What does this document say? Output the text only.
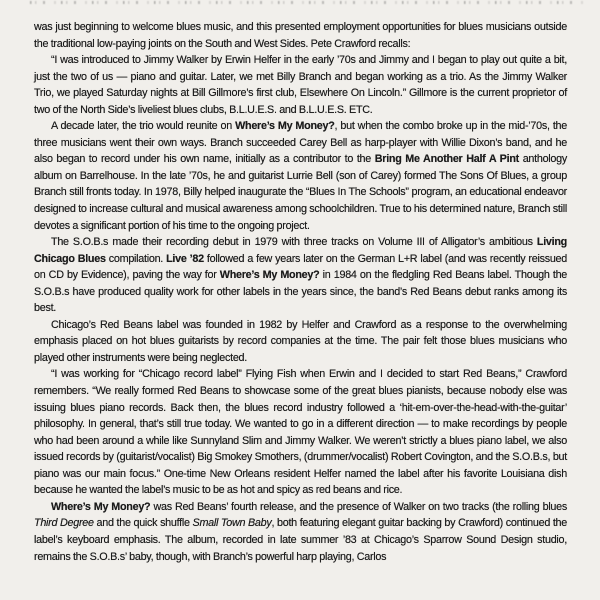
was just beginning to welcome blues music, and this presented employment opportunities for blues musicians outside the traditional low-paying joints on the South and West Sides. Pete Crawford recalls:

“I was introduced to Jimmy Walker by Erwin Helfer in the early ’70s and Jimmy and I began to play out quite a bit, just the two of us — piano and guitar. Later, we met Billy Branch and began working as a trio. As the Jimmy Walker Trio, we played Saturday nights at Bill Gillmore’s first club, Elsewhere On Lincoln.” Gillmore is the current proprietor of two of the North Side’s liveliest blues clubs, B.L.U.E.S. and B.L.U.E.S. ETC.

A decade later, the trio would reunite on Where’s My Money?, but when the combo broke up in the mid-’70s, the three musicians went their own ways. Branch succeeded Carey Bell as harp-player with Willie Dixon’s band, and he also began to record under his own name, initially as a contributor to the Bring Me Another Half A Pint anthology album on Barrelhouse. In the late ’70s, he and guitarist Lurrie Bell (son of Carey) formed The Sons Of Blues, a group Branch still fronts today. In 1978, Billy helped inaugurate the “Blues In The Schools” program, an educational endeavor designed to increase cultural and musical awareness among schoolchildren. True to his determined nature, Branch still devotes a significant portion of his time to the ongoing project.

The S.O.B.s made their recording debut in 1979 with three tracks on Volume III of Alligator’s ambitious Living Chicago Blues compilation. Live ’82 followed a few years later on the German L+R label (and was recently reissued on CD by Evidence), paving the way for Where’s My Money? in 1984 on the fledgling Red Beans label. Though the S.O.B.s have produced quality work for other labels in the years since, the band’s Red Beans debut ranks among its best.

Chicago’s Red Beans label was founded in 1982 by Helfer and Crawford as a response to the overwhelming emphasis placed on hot blues guitarists by record companies at the time. The pair felt those blues musicians who played other instruments were being neglected.

“I was working for “Chicago record label” Flying Fish when Erwin and I decided to start Red Beans,” Crawford remembers. “We really formed Red Beans to showcase some of the great blues pianists, because nobody else was issuing blues piano records. Back then, the blues record industry followed a ‘hit-em-over-the-head-with-the-guitar’ philosophy. In general, that’s still true today. We wanted to go in a different direction — to make recordings by people who had been around a while like Sunnyland Slim and Jimmy Walker. We weren’t strictly a blues piano label, we also issued records by (guitarist/vocalist) Big Smokey Smothers, (drummer/vocalist) Robert Covington, and the S.O.B.s, but piano was our main focus.” One-time New Orleans resident Helfer named the label after his favorite Louisiana dish because he wanted the label’s music to be as hot and spicy as red beans and rice.

Where’s My Money? was Red Beans’ fourth release, and the presence of Walker on two tracks (the rolling blues Third Degree and the quick shuffle Small Town Baby, both featuring elegant guitar backing by Crawford) continued the label’s keyboard emphasis. The album, recorded in late summer ’83 at Chicago’s Sparrow Sound Design studio, remains the S.O.B.s’ baby, though, with Branch’s powerful harp playing, Carlos
